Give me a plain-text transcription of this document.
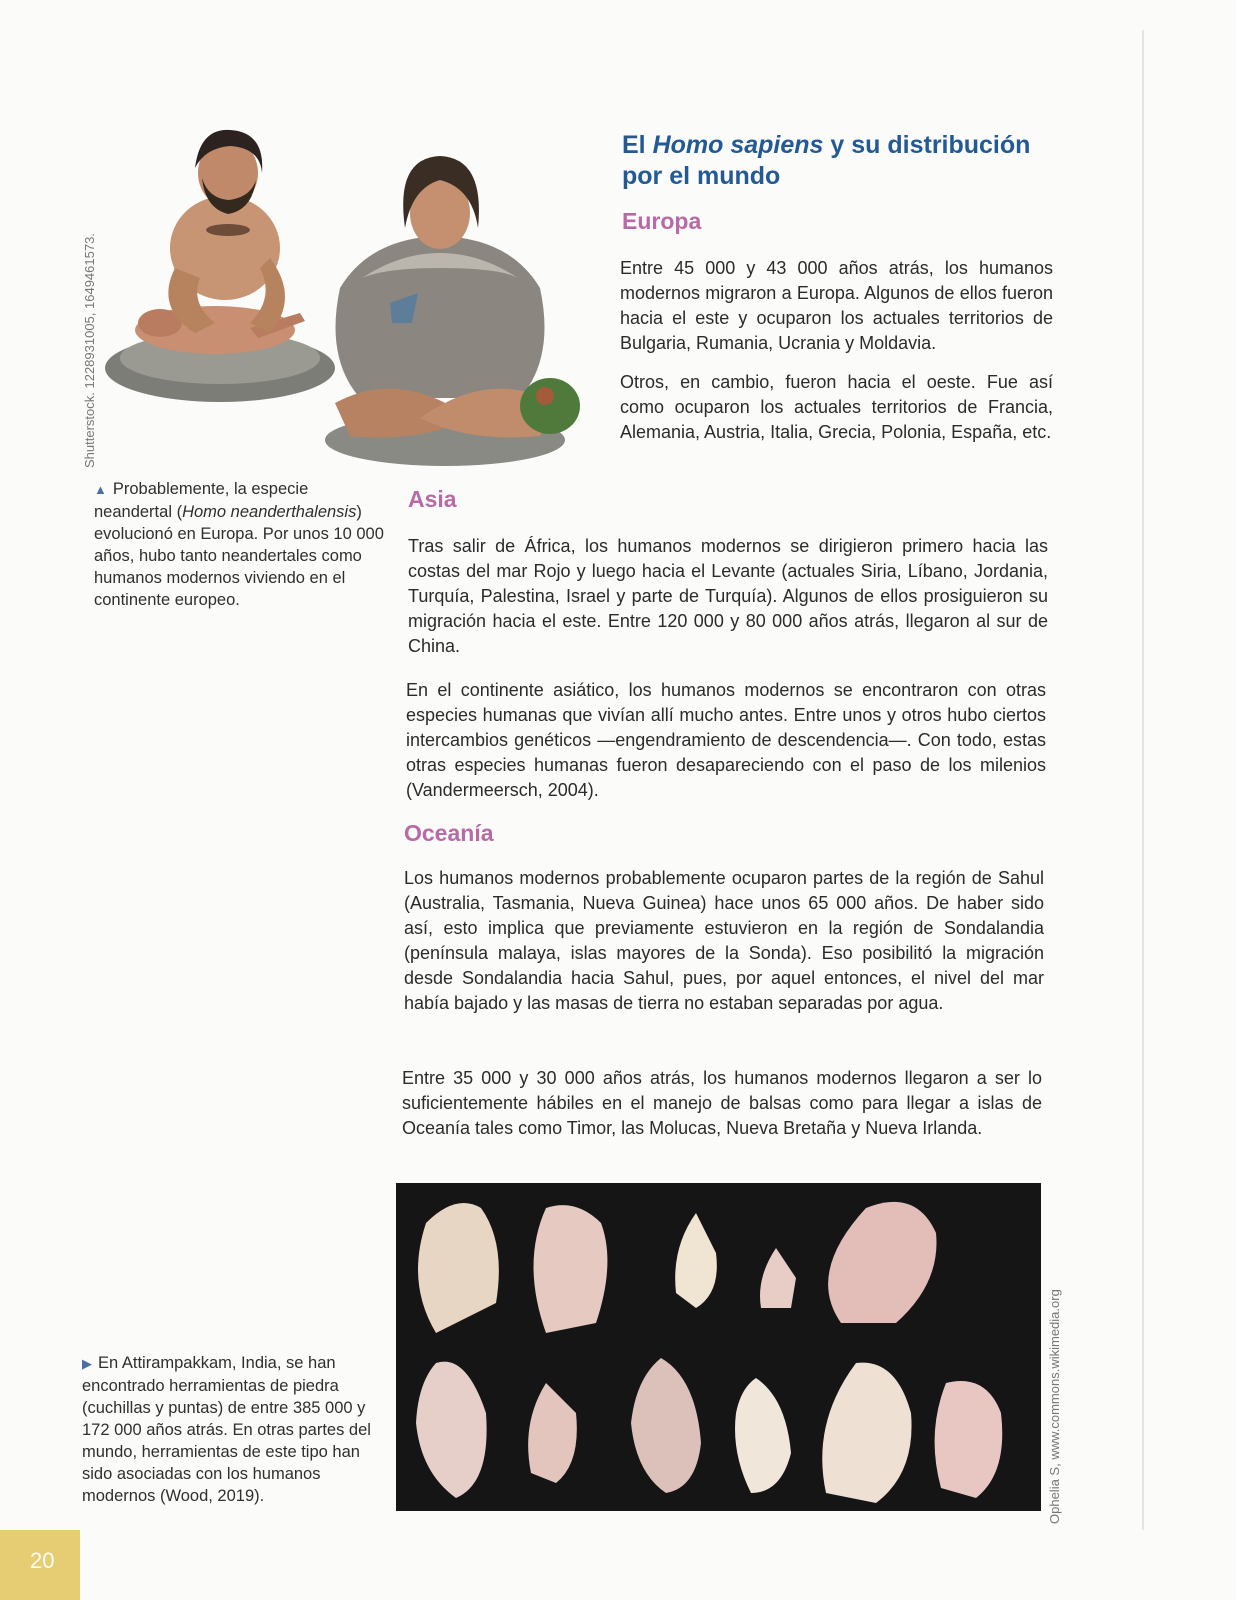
Shutterstock. 1228931005, 1649461573.
▲ Probablemente, la especie neandertal (Homo neanderthalensis) evolucionó en Europa. Por unos 10 000 años, hubo tanto neandertales como humanos modernos viviendo en el continente europeo.
El Homo sapiens y su distribución por el mundo
Europa

Entre 45 000 y 43 000 años atrás, los humanos modernos migraron a Europa. Algunos de ellos fueron hacia el este y ocuparon los actuales territorios de Bulgaria, Rumania, Ucrania y Moldavia.

Otros, en cambio, fueron hacia el oeste. Fue así como ocuparon los actuales territorios de Francia, Alemania, Austria, Italia, Grecia, Polonia, España, etc.

Asia

Tras salir de África, los humanos modernos se dirigieron primero hacia las costas del mar Rojo y luego hacia el Levante (actuales Siria, Líbano, Jordania, Turquía, Palestina, Israel y parte de Turquía). Algunos de ellos prosiguieron su migración hacia el este. Entre 120 000 y 80 000 años atrás, llegaron al sur de China.

En el continente asiático, los humanos modernos se encontraron con otras especies humanas que vivían allí mucho antes. Entre unos y otros hubo ciertos intercambios genéticos —engendramiento de descendencia—. Con todo, estas otras especies humanas fueron desapareciendo con el paso de los milenios (Vandermeersch, 2004).

Oceanía

Los humanos modernos probablemente ocuparon partes de la región de Sahul (Australia, Tasmania, Nueva Guinea) hace unos 65 000 años. De haber sido así, esto implica que previamente estuvieron en la región de Sondalandia (península malaya, islas mayores de la Sonda). Eso posibilitó la migración desde Sondalandia hacia Sahul, pues, por aquel entonces, el nivel del mar había bajado y las masas de tierra no estaban separadas por agua.

Entre 35 000 y 30 000 años atrás, los humanos modernos llegaron a ser lo suficientemente hábiles en el manejo de balsas como para llegar a islas de Oceanía tales como Timor, las Molucas, Nueva Bretaña y Nueva Irlanda.

Ophelia S, www.commons.wikimedia.org
▶ En Attirampakkam, India, se han encontrado herramientas de piedra (cuchillas y puntas) de entre 385 000 y 172 000 años atrás. En otras partes del mundo, herramientas de este tipo han sido asociadas con los humanos modernos (Wood, 2019).
20
